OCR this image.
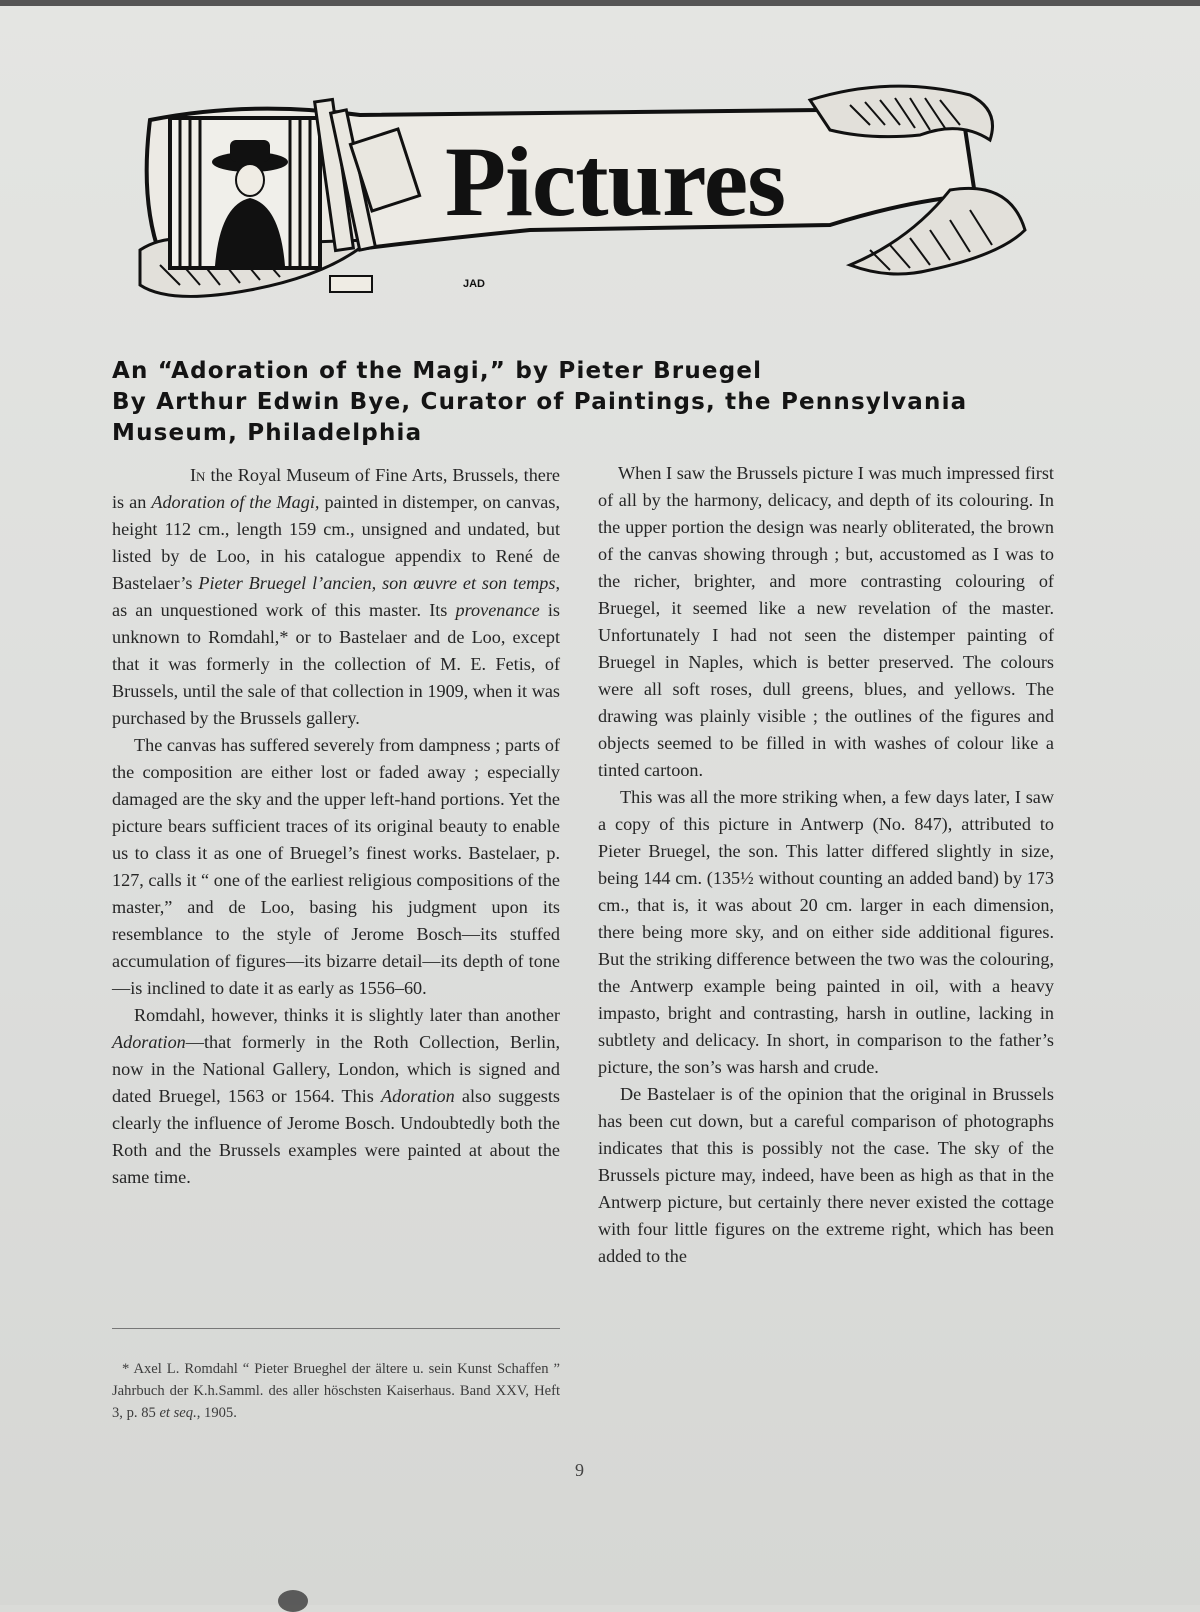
Pictures
JAD

An “Adoration of the Magi,” by Pieter Bruegel

By Arthur Edwin Bye, Curator of Paintings, the Pennsylvania

Museum, Philadelphia

In the Royal Museum of Fine Arts, Brussels, there is an Adoration of the Magi, painted in distemper, on canvas, height 112 cm., length 159 cm., unsigned and undated, but listed by de Loo, in his catalogue appendix to René de Bastelaer’s Pieter Bruegel l’ancien, son œuvre et son temps, as an unquestioned work of this master. Its provenance is unknown to Romdahl,* or to Bastelaer and de Loo, except that it was formerly in the collection of M. E. Fetis, of Brussels, until the sale of that collection in 1909, when it was purchased by the Brussels gallery.

The canvas has suffered severely from dampness ; parts of the composition are either lost or faded away ; especially damaged are the sky and the upper left-hand portions. Yet the picture bears sufficient traces of its original beauty to enable us to class it as one of Bruegel’s finest works. Bastelaer, p. 127, calls it “ one of the earliest religious compositions of the master,” and de Loo, basing his judgment upon its resemblance to the style of Jerome Bosch—its stuffed accumulation of figures—its bizarre detail—its depth of tone—is inclined to date it as early as 1556–60.

Romdahl, however, thinks it is slightly later than another Adoration—that formerly in the Roth Collection, Berlin, now in the National Gallery, London, which is signed and dated Bruegel, 1563 or 1564. This Adoration also suggests clearly the influence of Jerome Bosch. Undoubtedly both the Roth and the Brussels examples were painted at about the same time.

* Axel L. Romdahl “ Pieter Brueghel der ältere u. sein Kunst Schaffen ” Jahrbuch der K.h.Samml. des aller höschsten Kaiserhaus. Band XXV, Heft 3, p. 85 et seq., 1905.

When I saw the Brussels picture I was much impressed first of all by the harmony, delicacy, and depth of its colouring. In the upper portion the design was nearly obliterated, the brown of the canvas showing through ; but, accustomed as I was to the richer, brighter, and more contrasting colouring of Bruegel, it seemed like a new revelation of the master. Unfortunately I had not seen the distemper painting of Bruegel in Naples, which is better preserved. The colours were all soft roses, dull greens, blues, and yellows. The drawing was plainly visible ; the outlines of the figures and objects seemed to be filled in with washes of colour like a tinted cartoon.

This was all the more striking when, a few days later, I saw a copy of this picture in Antwerp (No. 847), attributed to Pieter Bruegel, the son. This latter differed slightly in size, being 144 cm. (135½ without counting an added band) by 173 cm., that is, it was about 20 cm. larger in each dimension, there being more sky, and on either side additional figures. But the striking difference between the two was the colouring, the Antwerp example being painted in oil, with a heavy impasto, bright and contrasting, harsh in outline, lacking in subtlety and delicacy. In short, in comparison to the father’s picture, the son’s was harsh and crude.

De Bastelaer is of the opinion that the original in Brussels has been cut down, but a careful comparison of photographs indicates that this is possibly not the case. The sky of the Brussels picture may, indeed, have been as high as that in the Antwerp picture, but certainly there never existed the cottage with four little figures on the extreme right, which has been added to the

9
